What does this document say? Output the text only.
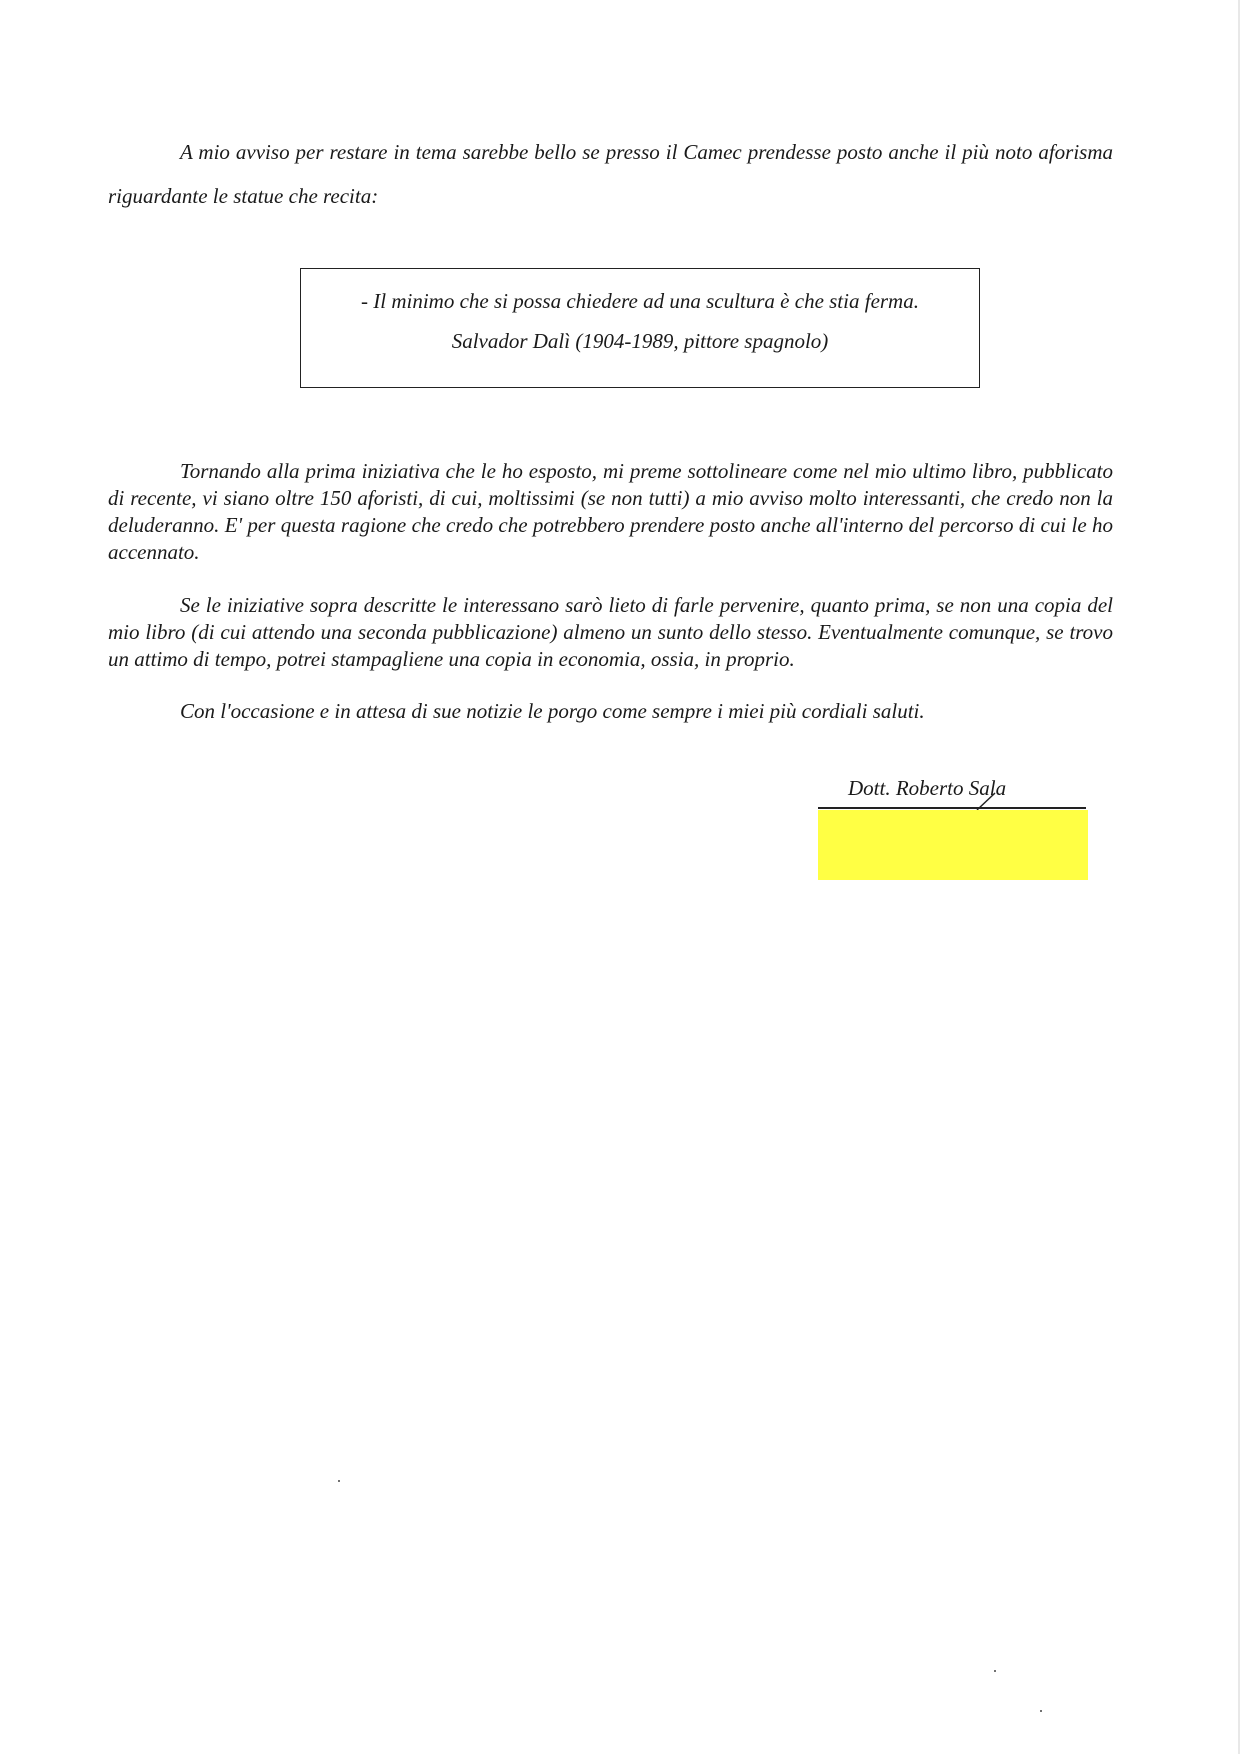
A mio avviso per restare in tema sarebbe bello se presso il Camec prendesse posto anche il più noto aforisma riguardante le statue che recita:

- Il minimo che si possa chiedere ad una scultura è che stia ferma.

Salvador Dalì (1904-1989, pittore spagnolo)

Tornando alla prima iniziativa che le ho esposto, mi preme sottolineare come nel mio ultimo libro, pubblicato di recente, vi siano oltre 150 aforisti, di cui, moltissimi (se non tutti) a mio avviso molto interessanti, che credo non la deluderanno. E' per questa ragione che credo che potrebbero prendere posto anche all'interno del percorso di cui le ho accennato.

Se le iniziative sopra descritte le interessano sarò lieto di farle pervenire, quanto prima, se non una copia del mio libro (di cui attendo una seconda pubblicazione) almeno un sunto dello stesso. Eventualmente comunque, se trovo un attimo di tempo, potrei stampagliene una copia in economia, ossia, in proprio.

Con l'occasione e in attesa di sue notizie le porgo come sempre i miei più cordiali saluti.

Dott. Roberto Sala
